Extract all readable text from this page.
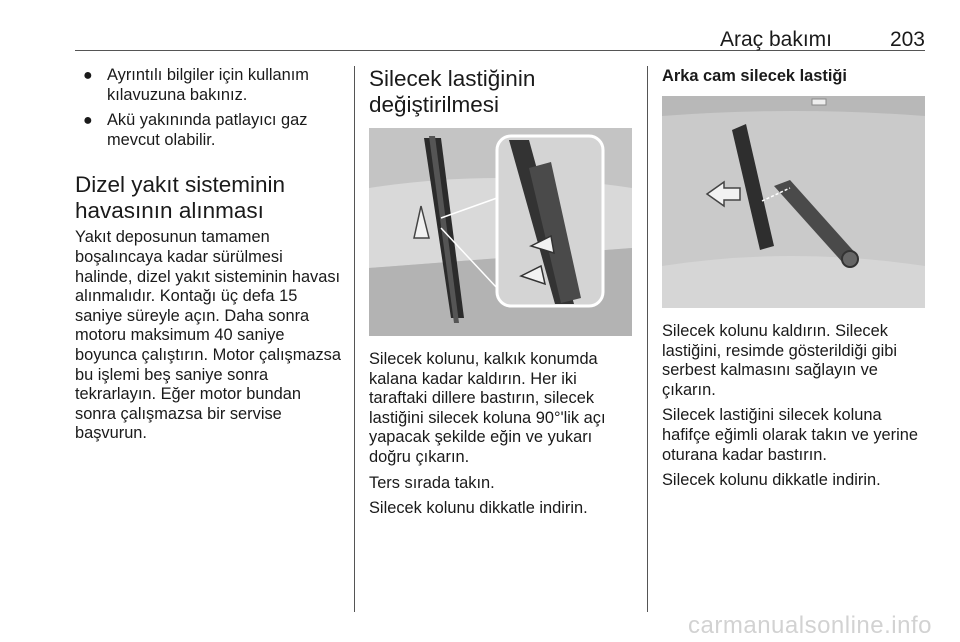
Araç bakımı	203
● Ayrıntılı bilgiler için kullanım kılavuzuna bakınız.
● Akü yakınında patlayıcı gaz mevcut olabilir.
Dizel yakıt sisteminin
havasının alınması

Yakıt deposunun tamamen boşalıncaya kadar sürülmesi halinde, dizel yakıt sisteminin havası alınmalıdır. Kontağı üç defa 15 saniye süreyle açın. Daha sonra motoru maksimum 40 saniye boyunca çalıştırın. Motor çalışmazsa bu işlemi beş saniye sonra tekrarlayın. Eğer motor bundan sonra çalışmazsa bir servise başvurun.

Silecek lastiğinin
değiştirilmesi

Silecek kolunu, kalkık konumda kalana kadar kaldırın. Her iki taraftaki dillere bastırın, silecek lastiğini silecek koluna 90°'lik açı yapacak şekilde eğin ve yukarı doğru çıkarın.

Ters sırada takın.

Silecek kolunu dikkatle indirin.

Arka cam silecek lastiği

Silecek kolunu kaldırın. Silecek lastiğini, resimde gösterildiği gibi serbest kalmasını sağlayın ve çıkarın.

Silecek lastiğini silecek koluna hafifçe eğimli olarak takın ve yerine oturana kadar bastırın.

Silecek kolunu dikkatle indirin.

carmanualsonline.info
